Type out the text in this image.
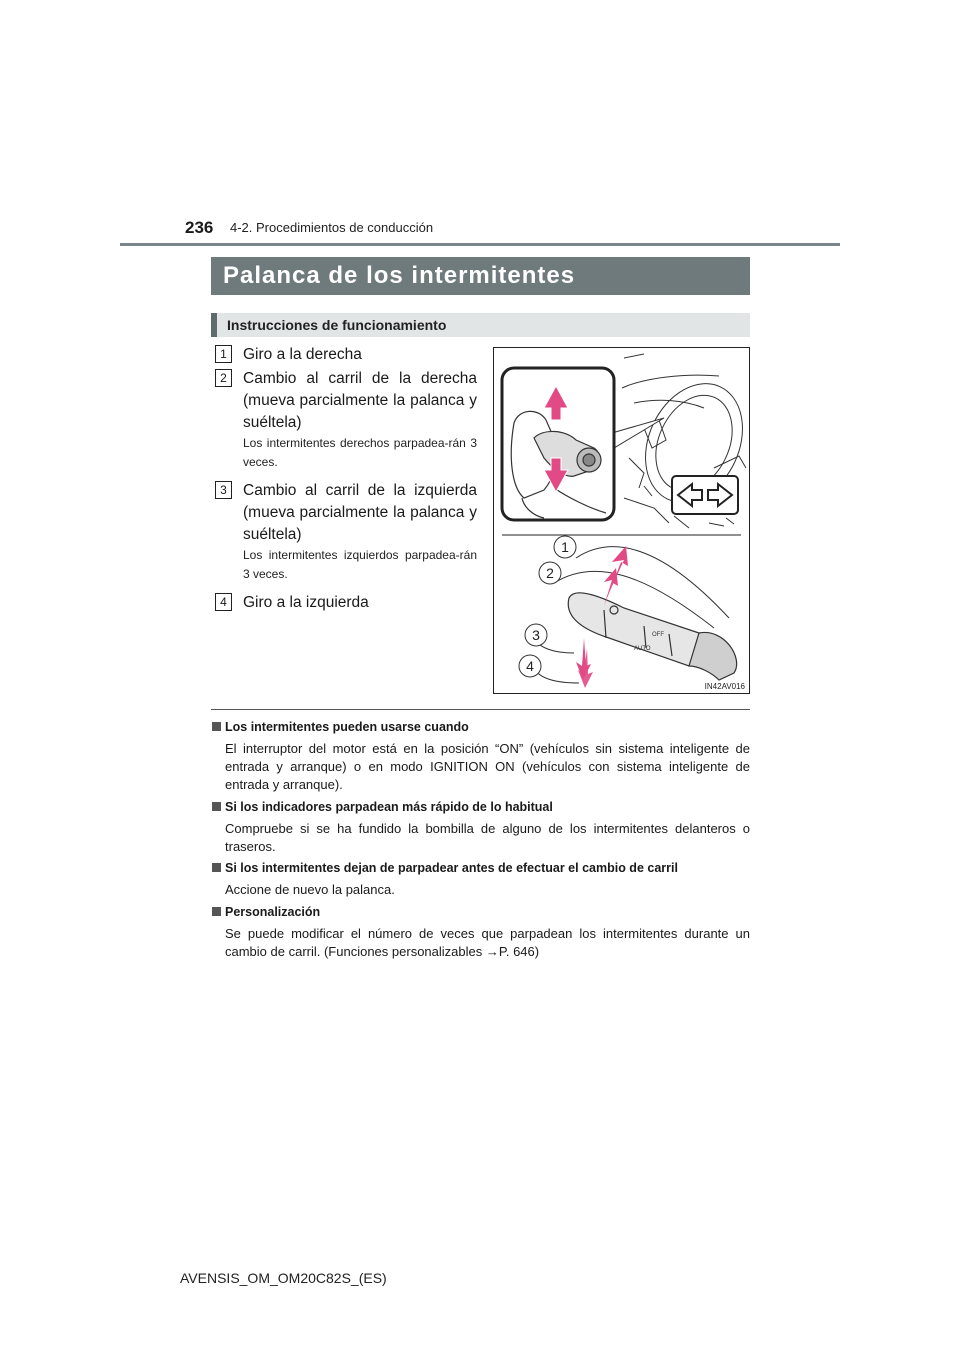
236 4-2. Procedimientos de conducción
Palanca de los intermitentes
Instrucciones de funcionamiento
1	Giro a la derecha
2	Cambio al carril de la derecha (mueva parcialmente la palanca y suéltela)
Los intermitentes derechos parpadea-rán 3 veces.
3	Cambio al carril de la izquierda (mueva parcialmente la palanca y suéltela)
Los intermitentes izquierdos parpadea-rán 3 veces.
4	Giro a la izquierda
AUTO
OFF
1
2
3
4
IN42AV016
Los intermitentes pueden usarse cuando
El interruptor del motor está en la posición “ON” (vehículos sin sistema inteligente de entrada y arranque) o en modo IGNITION ON (vehículos con sistema inteligente de entrada y arranque).
Si los indicadores parpadean más rápido de lo habitual
Compruebe si se ha fundido la bombilla de alguno de los intermitentes delanteros o traseros.
Si los intermitentes dejan de parpadear antes de efectuar el cambio de carril
Accione de nuevo la palanca.
Personalización
Se puede modificar el número de veces que parpadean los intermitentes durante un cambio de carril. (Funciones personalizables →P. 646)
AVENSIS_OM_OM20C82S_(ES)
